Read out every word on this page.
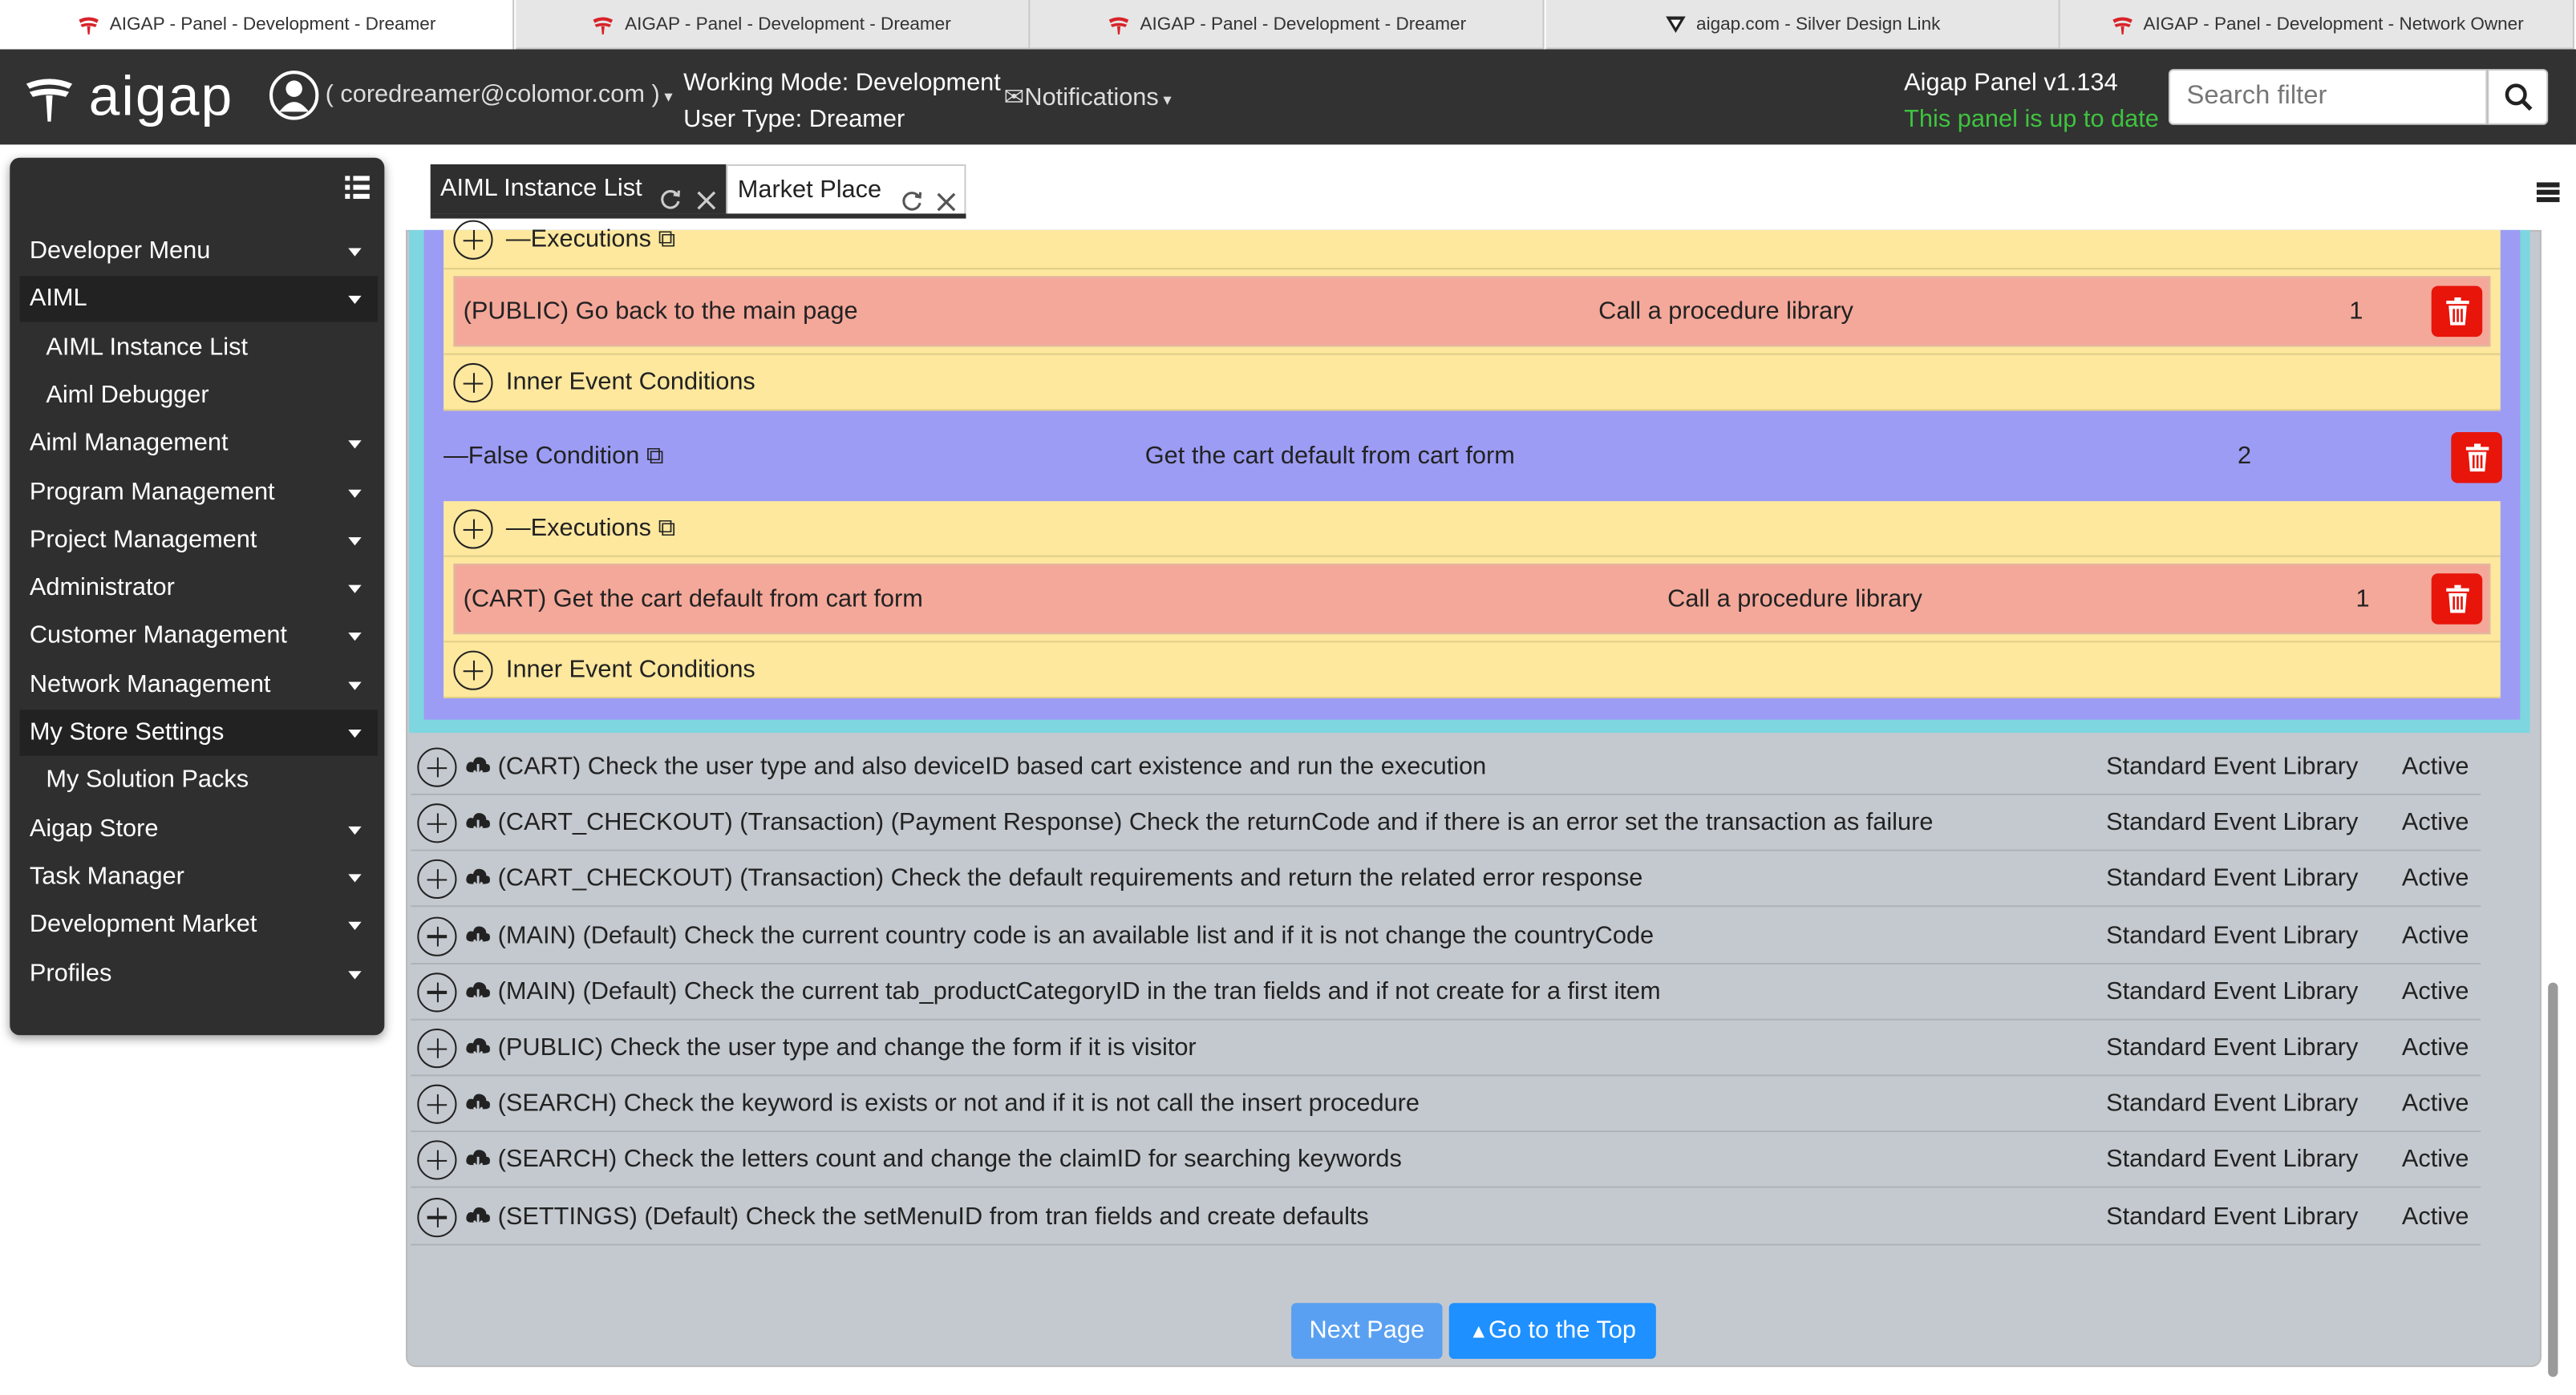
AIGAP - Panel - Development - Dreamer	AIGAP - Panel - Development - Dreamer	AIGAP - Panel - Development - Dreamer	aigap.com - Silver Design Link	AIGAP - Panel - Development - Network Owner
aigap	( coredreamer@colomor.com ) ▾
Working Mode: Development
User Type: Dreamer
✉Notifications ▾
Aigap Panel v1.134
This panel is up to date
Search filter
Developer Menu
AIML
AIML Instance List
Aiml Debugger
Aiml Management
Program Management
Project Management
Administrator
Customer Management
Network Management
My Store Settings
My Solution Packs
Aigap Store
Task Manager
Development Market
Profiles
AIML Instance List	Market Place
—Executions ⧉
(PUBLIC) Go back to the main page	Call a procedure library	1
Inner Event Conditions
—False Condition ⧉	Get the cart default from cart form	2
—Executions ⧉
(CART) Get the cart default from cart form	Call a procedure library	1
Inner Event Conditions
(CART) Check the user type and also deviceID based cart existence and run the execution	Standard Event Library	Active
(CART_CHECKOUT) (Transaction) (Payment Response) Check the returnCode and if there is an error set the transaction as failure	Standard Event Library	Active
(CART_CHECKOUT) (Transaction) Check the default requirements and return the related error response	Standard Event Library	Active
(MAIN) (Default) Check the current country code is an available list and if it is not change the countryCode	Standard Event Library	Active
(MAIN) (Default) Check the current tab_productCategoryID in the tran fields and if not create for a first item	Standard Event Library	Active
(PUBLIC) Check the user type and change the form if it is visitor	Standard Event Library	Active
(SEARCH) Check the keyword is exists or not and if it is not call the insert procedure	Standard Event Library	Active
(SEARCH) Check the letters count and change the claimID for searching keywords	Standard Event Library	Active
(SETTINGS) (Default) Check the setMenuID from tran fields and create defaults	Standard Event Library	Active
Next Page	▲Go to the Top
